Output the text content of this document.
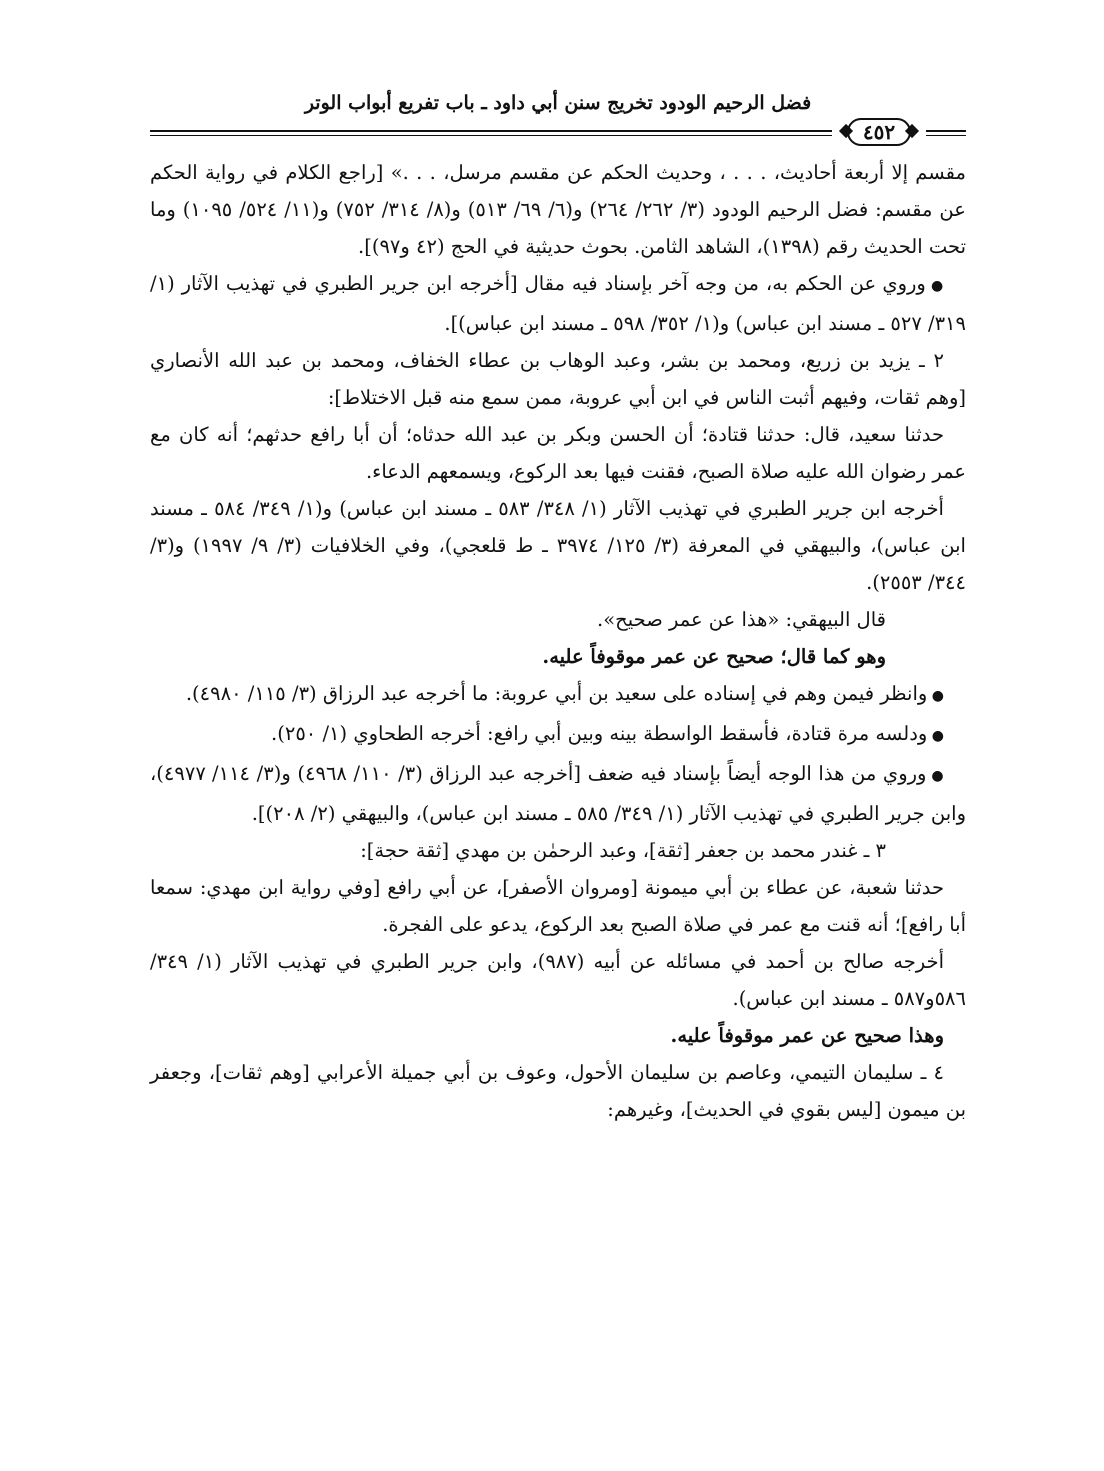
فضل الرحيم الودود تخريج سنن أبي داود ـ باب تفريع أبواب الوتر
٤٥٢

مقسم إلا أربعة أحاديث، . . . ، وحديث الحكم عن مقسم مرسل، . . .» [راجع الكلام في رواية الحكم عن مقسم: فضل الرحيم الودود (٣/ ٢٦٢/ ٢٦٤) و(٦/ ٦٩/ ٥١٣) و(٨/ ٣١٤/ ٧٥٢) و(١١/ ٥٢٤/ ١٠٩٥) وما تحت الحديث رقم (١٣٩٨)، الشاهد الثامن. بحوث حديثية في الحج (٤٢ و٩٧)].

● وروي عن الحكم به، من وجه آخر بإسناد فيه مقال [أخرجه ابن جرير الطبري في تهذيب الآثار (١/ ٣١٩/ ٥٢٧ ـ مسند ابن عباس) و(١/ ٣٥٢/ ٥٩٨ ـ مسند ابن عباس)].

٢ ـ يزيد بن زريع، ومحمد بن بشر، وعبد الوهاب بن عطاء الخفاف، ومحمد بن عبد الله الأنصاري [وهم ثقات، وفيهم أثبت الناس في ابن أبي عروبة، ممن سمع منه قبل الاختلاط]:

حدثنا سعيد، قال: حدثنا قتادة؛ أن الحسن وبكر بن عبد الله حدثاه؛ أن أبا رافع حدثهم؛ أنه كان مع عمر رضوان الله عليه صلاة الصبح، فقنت فيها بعد الركوع، ويسمعهم الدعاء.

أخرجه ابن جرير الطبري في تهذيب الآثار (١/ ٣٤٨/ ٥٨٣ ـ مسند ابن عباس) و(١/ ٣٤٩/ ٥٨٤ ـ مسند ابن عباس)، والبيهقي في المعرفة (٣/ ١٢٥/ ٣٩٧٤ ـ ط قلعجي)، وفي الخلافيات (٣/ ٩/ ١٩٩٧) و(٣/ ٣٤٤/ ٢٥٥٣).

قال البيهقي: «هذا عن عمر صحيح».

وهو كما قال؛ صحيح عن عمر موقوفاً عليه.

● وانظر فيمن وهم في إسناده على سعيد بن أبي عروبة: ما أخرجه عبد الرزاق (٣/ ١١٥/ ٤٩٨٠).

● ودلسه مرة قتادة، فأسقط الواسطة بينه وبين أبي رافع: أخرجه الطحاوي (١/ ٢٥٠).

● وروي من هذا الوجه أيضاً بإسناد فيه ضعف [أخرجه عبد الرزاق (٣/ ١١٠/ ٤٩٦٨) و(٣/ ١١٤/ ٤٩٧٧)، وابن جرير الطبري في تهذيب الآثار (١/ ٣٤٩/ ٥٨٥ ـ مسند ابن عباس)، والبيهقي (٢/ ٢٠٨)].

٣ ـ غندر محمد بن جعفر [ثقة]، وعبد الرحمٰن بن مهدي [ثقة حجة]:

حدثنا شعبة، عن عطاء بن أبي ميمونة [ومروان الأصفر]، عن أبي رافع [وفي رواية ابن مهدي: سمعا أبا رافع]؛ أنه قنت مع عمر في صلاة الصبح بعد الركوع، يدعو على الفجرة.

أخرجه صالح بن أحمد في مسائله عن أبيه (٩٨٧)، وابن جرير الطبري في تهذيب الآثار (١/ ٣٤٩/ ٥٨٦و٥٨٧ ـ مسند ابن عباس).

وهذا صحيح عن عمر موقوفاً عليه.

٤ ـ سليمان التيمي، وعاصم بن سليمان الأحول، وعوف بن أبي جميلة الأعرابي [وهم ثقات]، وجعفر بن ميمون [ليس بقوي في الحديث]، وغيرهم:
